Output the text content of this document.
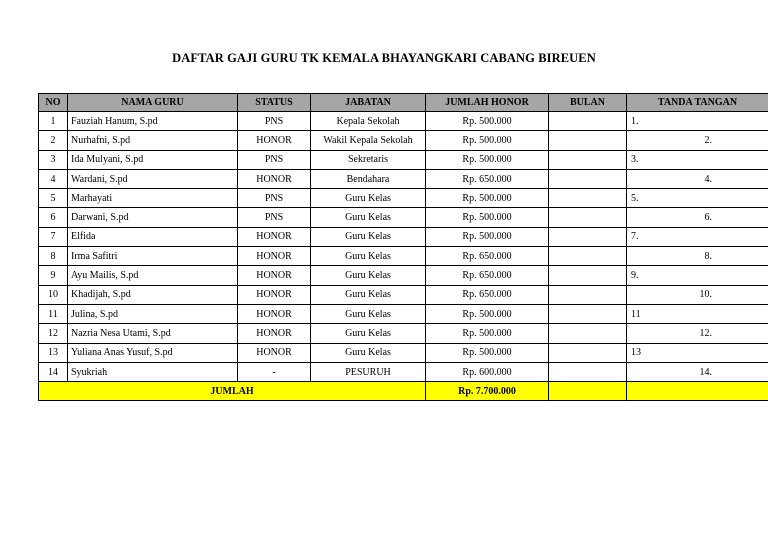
DAFTAR GAJI GURU TK KEMALA BHAYANGKARI CABANG BIREUEN
NO	NAMA GURU	STATUS	JABATAN	JUMLAH HONOR	BULAN	TANDA TANGAN
1	Fauziah Hanum, S.pd	PNS	Kepala Sekolah	Rp. 500.000		1.
2	Nurhafni, S.pd	HONOR	Wakil Kepala Sekolah	Rp. 500.000		2.
3	Ida Mulyani, S.pd	PNS	Sekretaris	Rp. 500.000		3.
4	Wardani, S.pd	HONOR	Bendahara	Rp. 650.000		4.
5	Marhayati	PNS	Guru Kelas	Rp. 500.000		5.
6	Darwani, S.pd	PNS	Guru Kelas	Rp. 500.000		6.
7	Elfida	HONOR	Guru Kelas	Rp. 500.000		7.
8	Irma Safitri	HONOR	Guru Kelas	Rp. 650.000		8.
9	Ayu Mailis, S.pd	HONOR	Guru Kelas	Rp. 650.000		9.
10	Khadijah, S.pd	HONOR	Guru Kelas	Rp. 650.000		10.
11	Julina, S.pd	HONOR	Guru Kelas	Rp. 500.000		11
12	Nazria Nesa Utami, S.pd	HONOR	Guru Kelas	Rp. 500.000		12.
13	Yuliana Anas Yusuf, S.pd	HONOR	Guru Kelas	Rp. 500.000		13
14	Syukriah	-	PESURUH	Rp. 600.000		14.
JUMLAH				Rp. 7.700.000		
